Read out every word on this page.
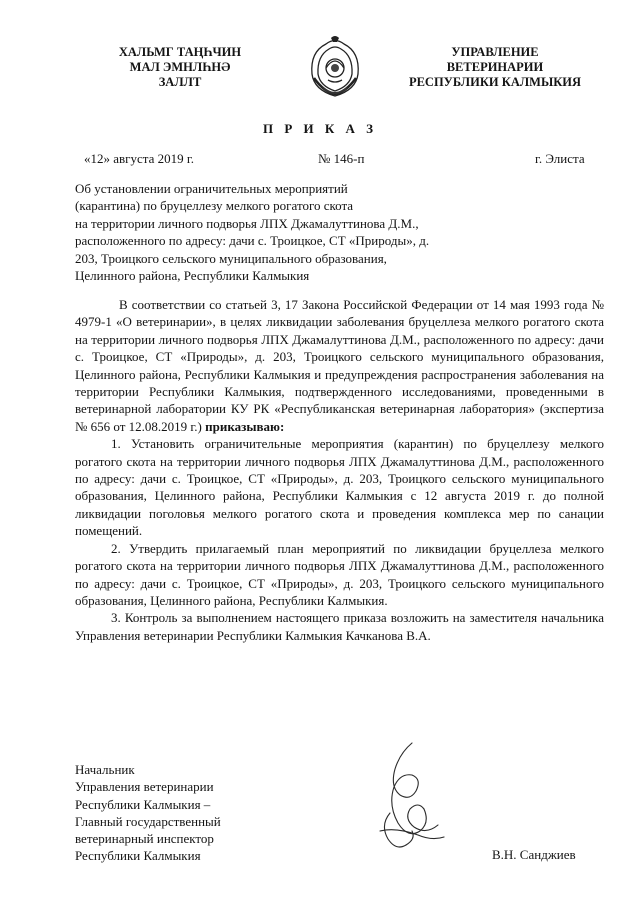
ХАЛЬМГ ТАҢҺЧИН
МАЛ ЭМНЛҺНӘ
ЗАЛЛТ
УПРАВЛЕНИЕ
ВЕТЕРИНАРИИ
РЕСПУБЛИКИ КАЛМЫКИЯ
П Р И К А З
«12» августа 2019 г.	№ 146-п	г. Элиста
Об установлении ограничительных мероприятий
(карантина) по бруцеллезу мелкого рогатого скота
на территории личного подворья ЛПХ Джамалуттинова Д.М.,
расположенного по адресу: дачи с. Троицкое, СТ «Природы», д.
203, Троицкого сельского муниципального образования,
Целинного района, Республики Калмыкия

В соответствии со статьей 3, 17 Закона Российской Федерации от 14 мая 1993 года № 4979-1 «О ветеринарии», в целях ликвидации заболевания бруцеллеза мелкого рогатого скота на территории личного подворья ЛПХ Джамалуттинова Д.М., расположенного по адресу: дачи с. Троицкое, СТ «Природы», д. 203, Троицкого сельского муниципального образования, Целинного района, Республики Калмыкия и предупреждения распространения заболевания на территории Республики Калмыкия, подтвержденного исследованиями, проведенными в ветеринарной лаборатории КУ РК «Республиканская ветеринарная лаборатория» (экспертиза № 656 от 12.08.2019 г.) приказываю:

1. Установить ограничительные мероприятия (карантин) по бруцеллезу мелкого рогатого скота на территории личного подворья ЛПХ Джамалуттинова Д.М., расположенного по адресу: дачи с. Троицкое, СТ «Природы», д. 203, Троицкого сельского муниципального образования, Целинного района, Республики Калмыкия с 12 августа 2019 г. до полной ликвидации поголовья мелкого рогатого скота и проведения комплекса мер по санации помещений.

2. Утвердить прилагаемый план мероприятий по ликвидации бруцеллеза мелкого рогатого скота на территории личного подворья ЛПХ Джамалуттинова Д.М., расположенного по адресу: дачи с. Троицкое, СТ «Природы», д. 203, Троицкого сельского муниципального образования, Целинного района, Республики Калмыкия.

3. Контроль за выполнением настоящего приказа возложить на заместителя начальника Управления ветеринарии Республики Калмыкия Качканова В.А.

Начальник
Управления ветеринарии
Республики Калмыкия –
Главный государственный
ветеринарный инспектор
Республики Калмыкия	В.Н. Санджиев
